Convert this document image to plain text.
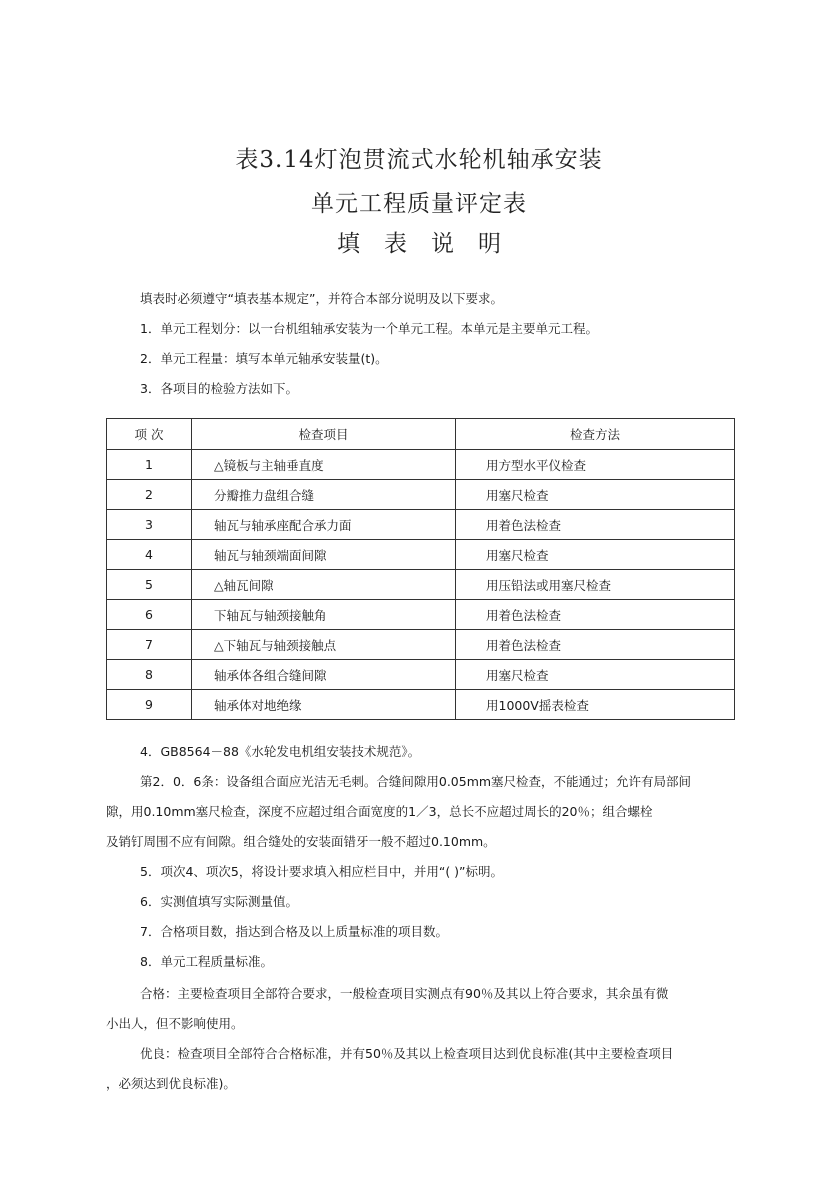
表3.14灯泡贯流式水轮机轴承安装
单元工程质量评定表
填表说明
填表时必须遵守“填表基本规定”，并符合本部分说明及以下要求。
1．单元工程划分：以一台机组轴承安装为一个单元工程。本单元是主要单元工程。
2．单元工程量：填写本单元轴承安装量(t)。
3．各项目的检验方法如下。
项 次	检查项目	检查方法
1	△镜板与主轴垂直度	用方型水平仪检查
2	分瓣推力盘组合缝	用塞尺检查
3	轴瓦与轴承座配合承力面	用着色法检查
4	轴瓦与轴颈端面间隙	用塞尺检查
5	△轴瓦间隙	用压铅法或用塞尺检查
6	下轴瓦与轴颈接触角	用着色法检查
7	△下轴瓦与轴颈接触点	用着色法检查
8	轴承体各组合缝间隙	用塞尺检查
9	轴承体对地绝缘	用1000V摇表检查
4．GB8564－88《水轮发电机组安装技术规范》。
第2．0．6条：设备组合面应光洁无毛刺。合缝间隙用0.05mm塞尺检查，不能通过；允许有局部间
隙，用0.10mm塞尺检查，深度不应超过组合面宽度的1／3，总长不应超过周长的20％；组合螺栓
及销钉周围不应有间隙。组合缝处的安装面错牙一般不超过0.10mm。
5．项次4、项次5，将设计要求填入相应栏目中，并用“( )”标明。
6．实测值填写实际测量值。
7．合格项目数，指达到合格及以上质量标准的项目数。
8．单元工程质量标准。
合格：主要检查项目全部符合要求，一般检查项目实测点有90％及其以上符合要求，其余虽有微
小出人，但不影响使用。
优良：检查项目全部符合合格标准，并有50％及其以上检查项目达到优良标准(其中主要检查项目
，必须达到优良标准)。
